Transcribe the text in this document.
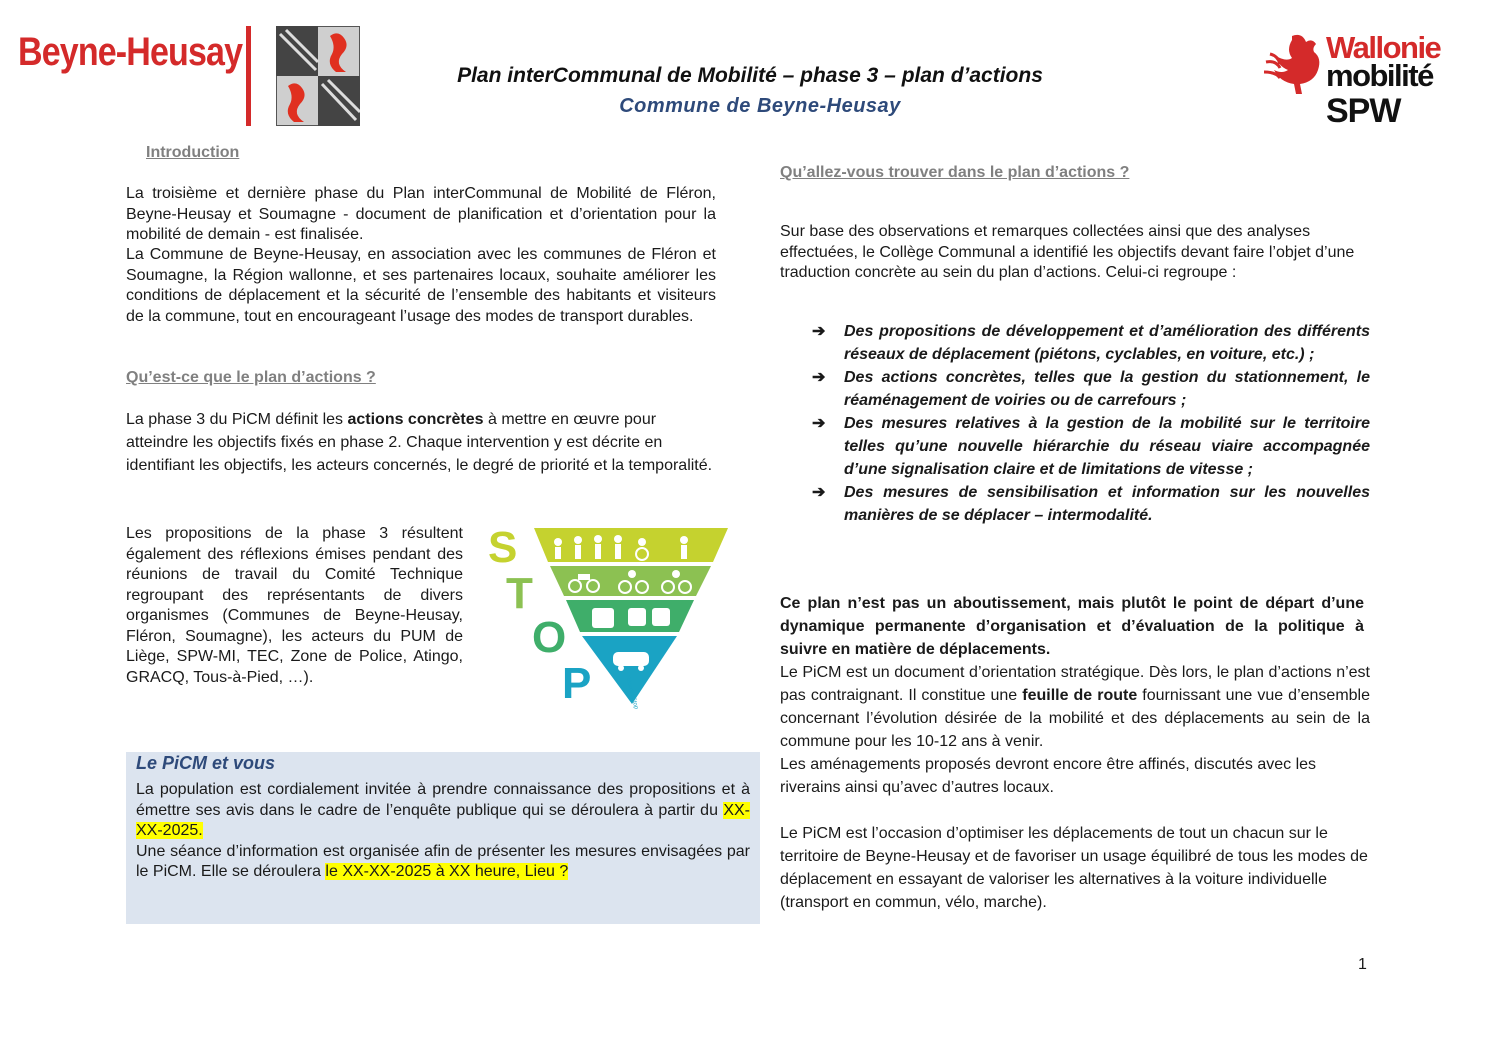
Beyne-Heusay
Plan interCommunal de Mobilité – phase 3 – plan d’actions
Commune de Beyne-Heusay
Wallonie
mobilité
SPW
Introduction
La troisième et dernière phase du Plan interCommunal de Mobilité de Fléron, Beyne-Heusay et Soumagne - document de planification et d’orientation pour la mobilité de demain - est finalisée.
La Commune de Beyne-Heusay, en association avec les communes de Fléron et Soumagne, la Région wallonne, et ses partenaires locaux, souhaite améliorer les conditions de déplacement et la sécurité de l’ensemble des habitants et visiteurs de la commune, tout en encourageant l’usage des modes de transport durables.
Qu’est-ce que le plan d’actions ?
La phase 3 du PiCM définit les actions concrètes à mettre en œuvre pour atteindre les objectifs fixés en phase 2. Chaque intervention y est décrite en identifiant les objectifs, les acteurs concernés, le degré de priorité et la temporalité.
Les propositions de la phase 3 résultent également des réflexions émises pendant des réunions de travail du Comité Technique regroupant des représentants de divers organismes (Communes de Beyne-Heusay, Fléron, Soumagne), les acteurs du PUM de Liège, SPW-MI, TEC, Zone de Police, Atingo, GRACQ, Tous-à-Pied, …).
S
T
O
P	Réseau Stop Mobilité
Le PiCM et vous
La population est cordialement invitée à prendre connaissance des propositions et à émettre ses avis dans le cadre de l’enquête publique qui se déroulera à partir du XX-XX-2025.
Une séance d’information est organisée afin de présenter les mesures envisagées par le PiCM. Elle se déroulera le XX-XX-2025 à XX heure, Lieu ?
Qu’allez-vous trouver dans le plan d’actions ?
Sur base des observations et remarques collectées ainsi que des analyses effectuées, le Collège Communal a identifié les objectifs devant faire l’objet d’une traduction concrète au sein du plan d’actions. Celui-ci regroupe :
➔	Des propositions de développement et d’amélioration des différents réseaux de déplacement (piétons, cyclables, en voiture, etc.) ;
➔	Des actions concrètes, telles que la gestion du stationnement, le réaménagement de voiries ou de carrefours ;
➔	Des mesures relatives à la gestion de la mobilité sur le territoire telles qu’une nouvelle hiérarchie du réseau viaire accompagnée d’une signalisation claire et de limitations de vitesse ;
➔	Des mesures de sensibilisation et information sur les nouvelles manières de se déplacer – intermodalité.
Ce plan n’est pas un aboutissement, mais plutôt le point de départ d’une dynamique permanente d’organisation et d’évaluation de la politique à suivre en matière de déplacements.
Le PiCM est un document d’orientation stratégique. Dès lors, le plan d’actions n’est pas contraignant. Il constitue une feuille de route fournissant une vue d’ensemble concernant l’évolution désirée de la mobilité et des déplacements au sein de la commune pour les 10-12 ans à venir.
Les aménagements proposés devront encore être affinés, discutés avec les riverains ainsi qu’avec d’autres locaux.
Le PiCM est l’occasion d’optimiser les déplacements de tout un chacun sur le territoire de Beyne-Heusay et de favoriser un usage équilibré de tous les modes de déplacement en essayant de valoriser les alternatives à la voiture individuelle (transport en commun, vélo, marche).
1
